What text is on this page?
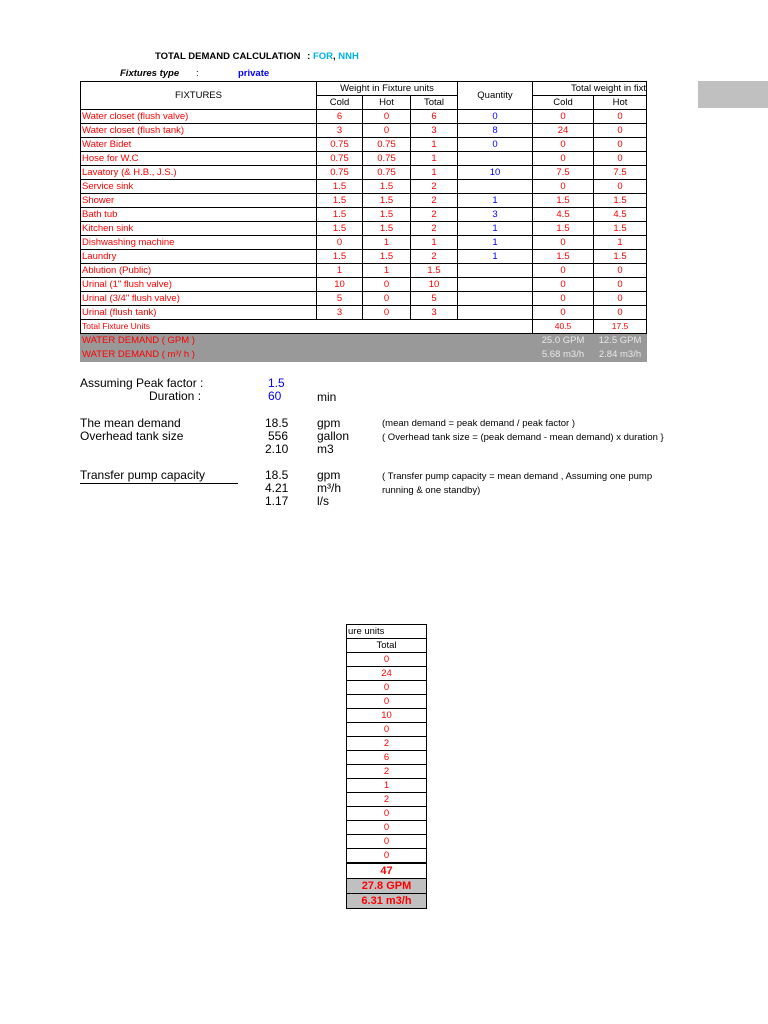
TOTAL DEMAND CALCULATION : FOR, NNH
Fixtures type :	private
FIXTURES	Weight in Fixture units			Quantity	Total weight in fixt	
	Cold	Hot	Total		Cold	Hot
Water closet (flush valve)	6	0	6	0	0	0
Water closet (flush tank)	3	0	3	8	24	0
Water Bidet	0.75	0.75	1	0	0	0
Hose for W.C	0.75	0.75	1		0	0
Lavatory (& H.B., J.S.)	0.75	0.75	1	10	7.5	7.5
Service sink	1.5	1.5	2		0	0
Shower	1.5	1.5	2	1	1.5	1.5
Bath tub	1.5	1.5	2	3	4.5	4.5
Kitchen sink	1.5	1.5	2	1	1.5	1.5
Dishwashing machine	0	1	1	1	0	1
Laundry	1.5	1.5	2	1	1.5	1.5
Ablution (Public)	1	1	1.5		0	0
Urinal (1" flush valve)	10	0	10		0	0
Urinal (3/4" flush valve)	5	0	5		0	0
Urinal (flush tank)	3	0	3		0	0
Total Fixture Units					40.5	17.5
WATER DEMAND ( GPM )					25.0 GPM	12.5 GPM
WATER DEMAND ( m³/ h )					5.68 m3/h	2.84 m3/h
Assuming Peak factor :	1.5
Duration :	60	min
The mean demand	18.5 gpm	(mean demand = peak demand / peak factor )
Overhead tank size	556 gallon	( Overhead tank size = (peak demand - mean demand) x duration }
2.10 m3
Transfer pump capacity	18.5 gpm	( Transfer pump capacity = mean demand , Assuming one pump
4.21 m³/h	running & one standby)
1.17 l/s
ure units
Total
0
24
0
0
10
0
2
6
2
1
2
0
0
0
0
47
27.8 GPM
6.31 m3/h
